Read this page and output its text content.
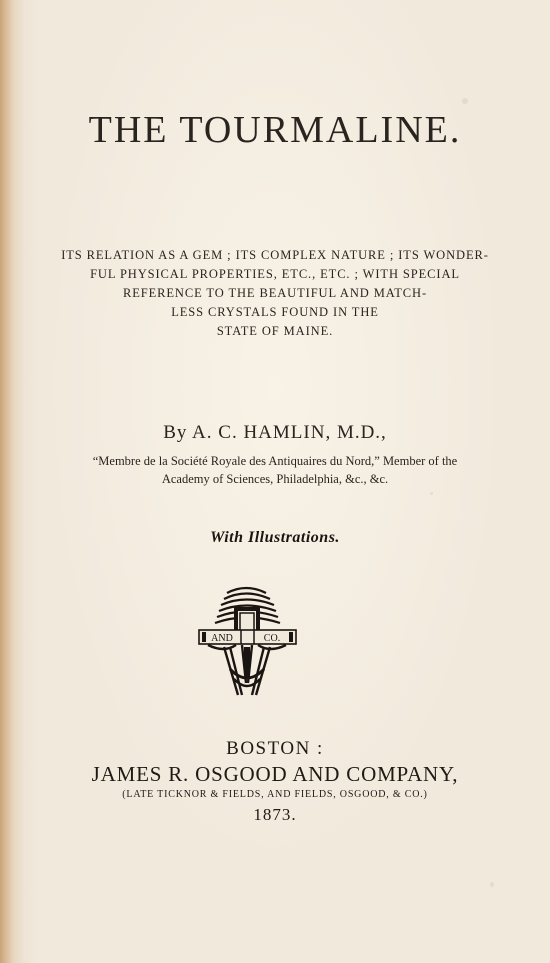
THE TOURMALINE.
ITS RELATION AS A GEM ; ITS COMPLEX NATURE ; ITS WONDER-
FUL PHYSICAL PROPERTIES, ETC., ETC. ; WITH SPECIAL
REFERENCE TO THE BEAUTIFUL AND MATCH-
LESS CRYSTALS FOUND IN THE
STATE OF MAINE.
By A. C. HAMLIN, M.D.,
“Membre de la Société Royale des Antiquaires du Nord,” Member of the
Academy of Sciences, Philadelphia, &c., &c.
With Illustrations.
AND	CO.
BOSTON :
JAMES R. OSGOOD AND COMPANY,
(LATE TICKNOR & FIELDS, AND FIELDS, OSGOOD, & CO.)
1873.
